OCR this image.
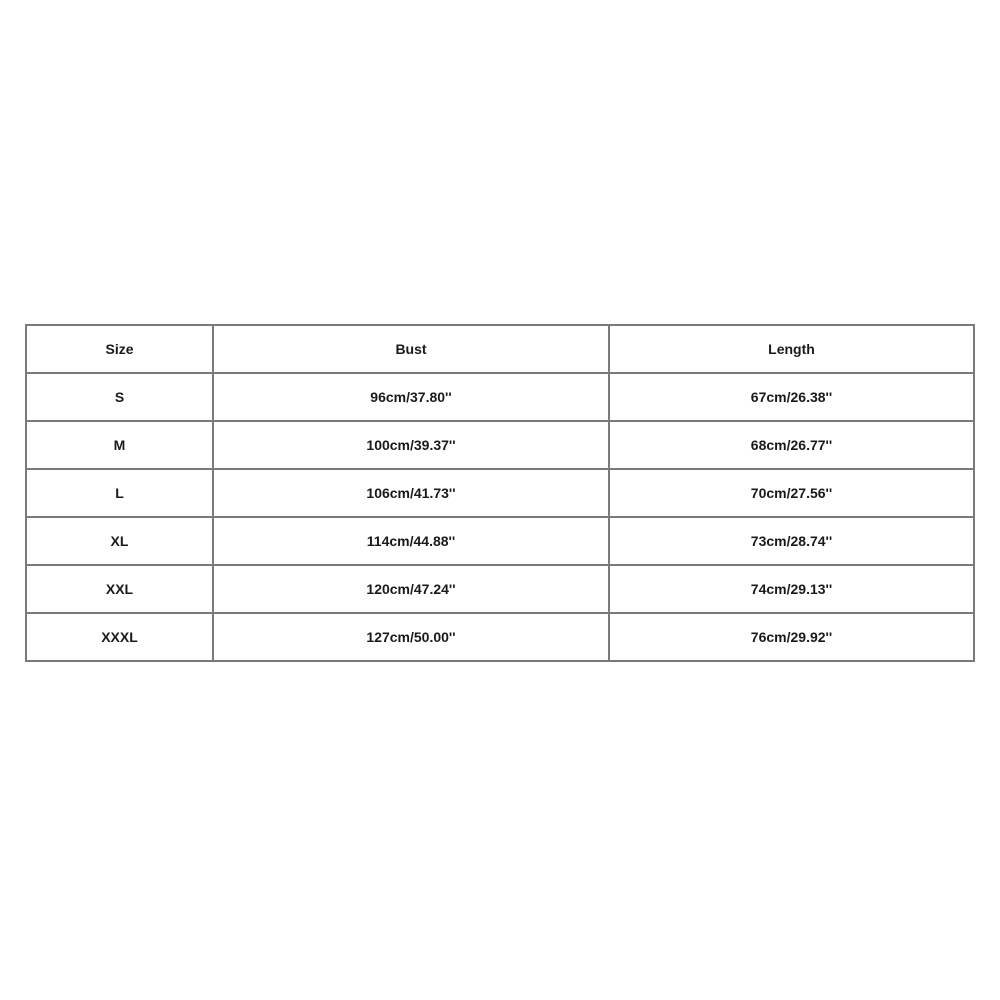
Size	Bust	Length
S	96cm/37.80''	67cm/26.38''
M	100cm/39.37''	68cm/26.77''
L	106cm/41.73''	70cm/27.56''
XL	114cm/44.88''	73cm/28.74''
XXL	120cm/47.24''	74cm/29.13''
XXXL	127cm/50.00''	76cm/29.92''
